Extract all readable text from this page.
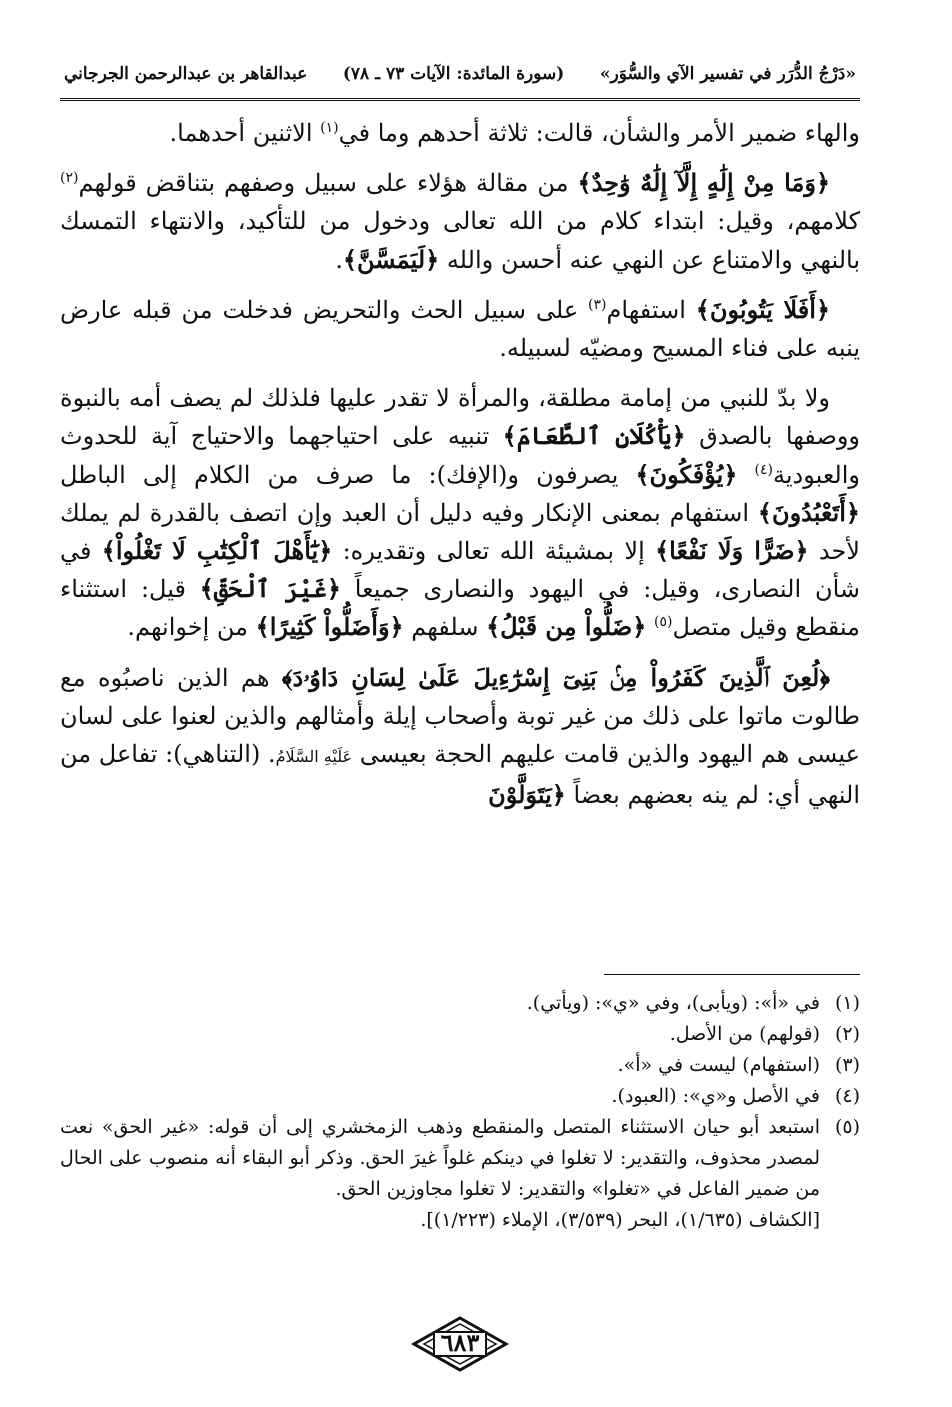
«دَرْجُ الدُّرَر في تفسير الآي والسُّوَر»
(سورة المائدة: الآيات ٧٣ ـ ٧٨)
عبدالقاهر بن عبدالرحمن الجرجاني

والهاء ضمير الأمر والشأن، قالت: ثلاثة أحدهم وما في$^{(١)}$ الاثنين أحدهما.

﴿وَمَا مِنْ إِلَٰهٍ إِلَّآ إِلَٰهٌ وَٰحِدٌ﴾ من مقالة هؤلاء على سبيل وصفهم بتناقض قولهم$^{(٢)}$ كلامهم، وقيل: ابتداء كلام من الله تعالى ودخول من للتأكيد، والانتهاء التمسك بالنهي والامتناع عن النهي عنه أحسن والله ﴿لَيَمَسَّنَّ﴾.

﴿أَفَلَا يَتُوبُونَ﴾ استفهام$^{(٣)}$ على سبيل الحث والتحريض فدخلت من قبله عارض ينبه على فناء المسيح ومضيّه لسبيله.

ولا بدّ للنبي من إمامة مطلقة، والمرأة لا تقدر عليها فلذلك لم يصف أمه بالنبوة ووصفها بالصدق ﴿يَأْكُلَانِ ٱلطَّعَامَ﴾ تنبيه على احتياجهما والاحتياج آية للحدوث والعبودية$^{(٤)}$ ﴿يُؤْفَكُونَ﴾ يصرفون و(الإفك): ما صرف من الكلام إلى الباطل ﴿أَتَعْبُدُونَ﴾ استفهام بمعنى الإنكار وفيه دليل أن العبد وإن اتصف بالقدرة لم يملك لأحد ﴿ضَرًّا وَلَا نَفْعًا﴾ إلا بمشيئة الله تعالى وتقديره: ﴿يَٰٓأَهْلَ ٱلْكِتَٰبِ لَا تَغْلُواْ﴾ في شأن النصارى، وقيل: في اليهود والنصارى جميعاً ﴿غَيْرَ ٱلْحَقِّ﴾ قيل: استثناء منقطع وقيل متصل$^{(٥)}$ ﴿ضَلُّواْ مِن قَبْلُ﴾ سلفهم ﴿وَأَضَلُّواْ كَثِيرًا﴾ من إخوانهم.

﴿لُعِنَ ٱلَّذِينَ كَفَرُواْ مِنۢ بَنِىٓ إِسْرَٰٓءِيلَ عَلَىٰ لِسَانِ دَاوُۥدَ﴾ هم الذين ناصبُوه مع طالوت ماتوا على ذلك من غير توبة وأصحاب إيلة وأمثالهم والذين لعنوا على لسان عيسى هم اليهود والذين قامت عليهم الحجة بعيسى عَلَيْهِ السَّلَامُ. (التناهي): تفاعل من النهي أي: لم ينه بعضهم بعضاً ﴿يَتَوَلَّوْنَ

(١)
في «أ»: (ويأبى)، وفي «ي»: (ويأتي).
(٢)
(قولهم) من الأصل.
(٣)
(استفهام) ليست في «أ».
(٤)
في الأصل و«ي»: (العبود).
(٥)
استبعد أبو حيان الاستثناء المتصل والمنقطع وذهب الزمخشري إلى أن قوله: «غير الحق» نعت لمصدر محذوف، والتقدير: لا تغلوا في دينكم غلواً غيرَ الحق. وذكر أبو البقاء أنه منصوب على الحال من ضمير الفاعل في «تغلوا» والتقدير: لا تغلوا مجاوزين الحق.
[الكشاف (١/٦٣٥)، البحر (٣/٥٣٩)، الإملاء (١/٢٢٣)].
٦٨٣
